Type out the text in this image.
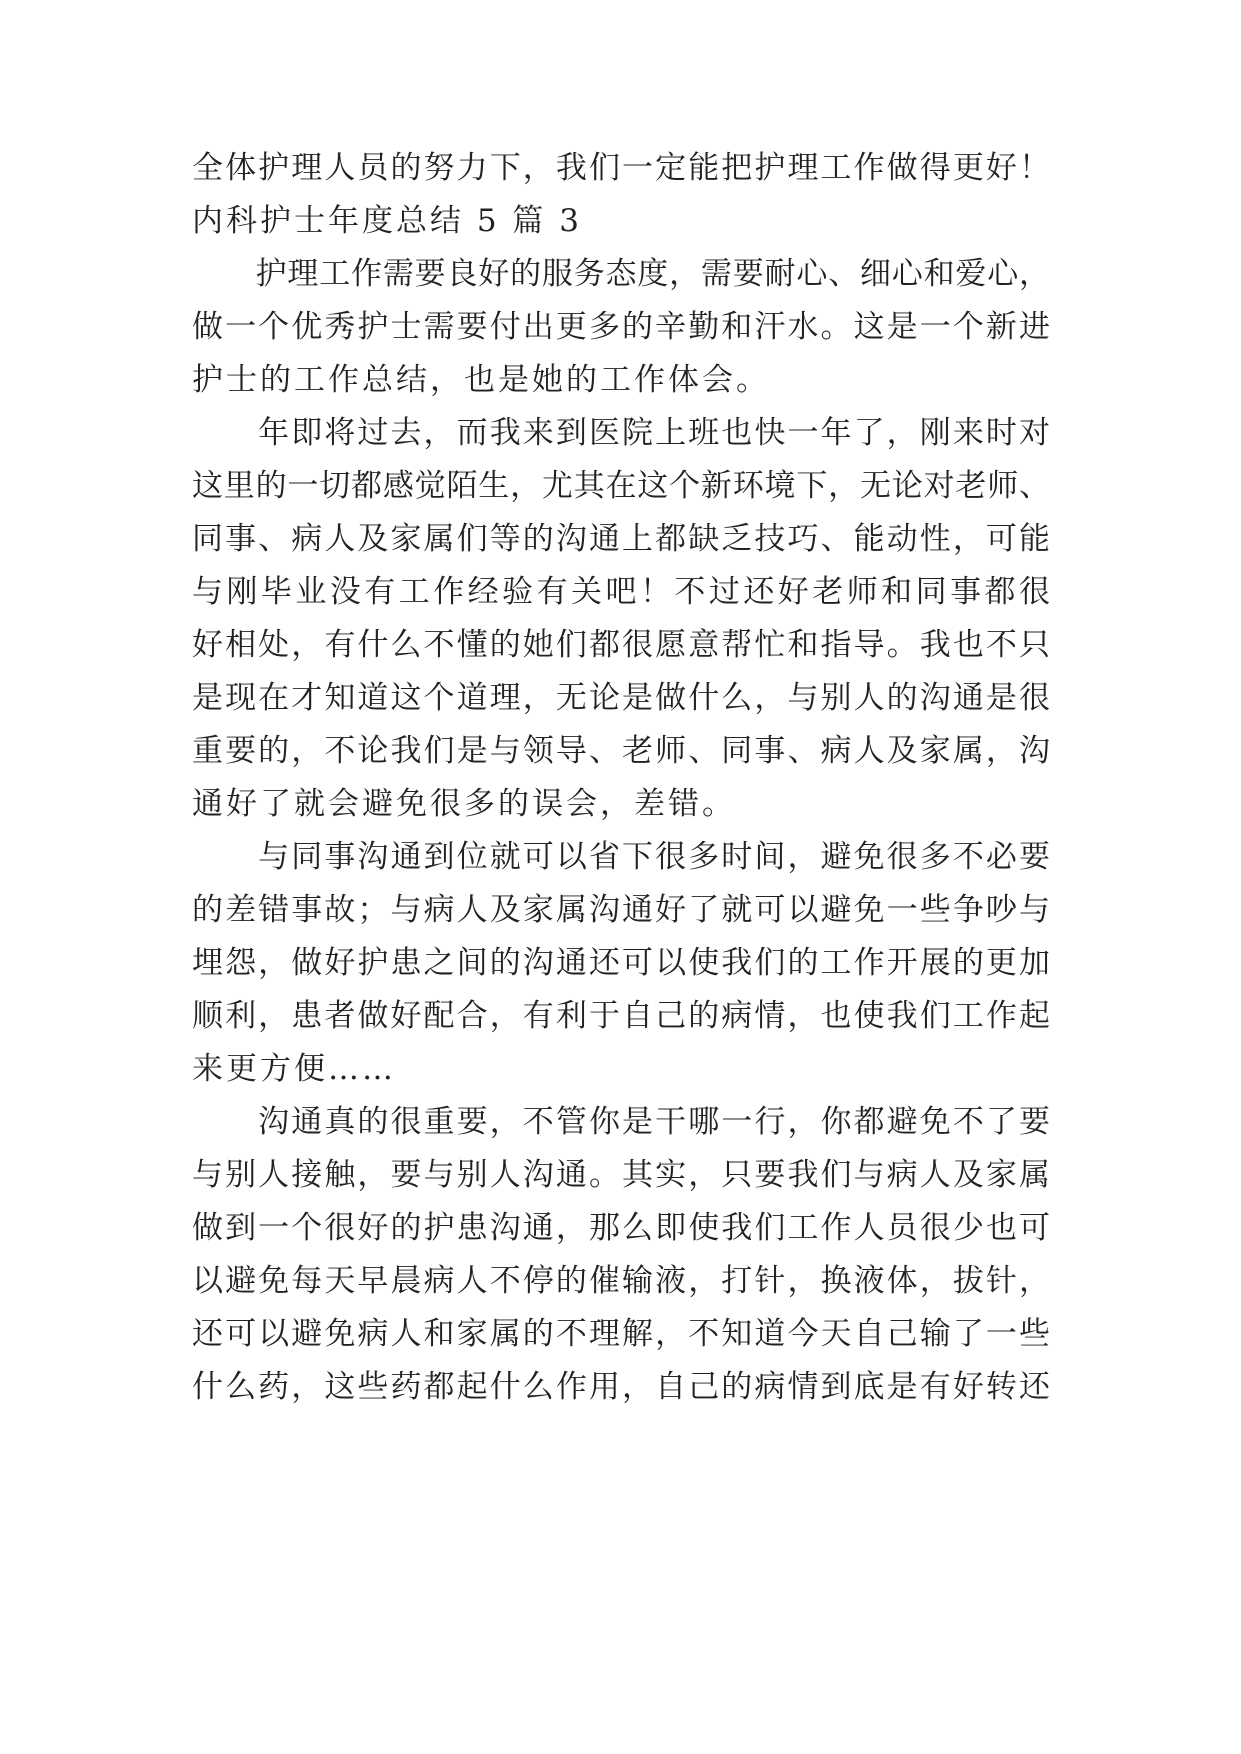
全体护理人员的努力下，我们一定能把护理工作做得更好！
内科护士年度总结 5 篇 3
　　护理工作需要良好的服务态度，需要耐心、细心和爱心，
做一个优秀护士需要付出更多的辛勤和汗水。这是一个新进
护士的工作总结，也是她的工作体会。
　　年即将过去，而我来到医院上班也快一年了，刚来时对
这里的一切都感觉陌生，尤其在这个新环境下，无论对老师、
同事、病人及家属们等的沟通上都缺乏技巧、能动性，可能
与刚毕业没有工作经验有关吧！不过还好老师和同事都很
好相处，有什么不懂的她们都很愿意帮忙和指导。我也不只
是现在才知道这个道理，无论是做什么，与别人的沟通是很
重要的，不论我们是与领导、老师、同事、病人及家属，沟
通好了就会避免很多的误会，差错。
　　与同事沟通到位就可以省下很多时间，避免很多不必要
的差错事故；与病人及家属沟通好了就可以避免一些争吵与
埋怨，做好护患之间的沟通还可以使我们的工作开展的更加
顺利，患者做好配合，有利于自己的病情，也使我们工作起
来更方便……
　　沟通真的很重要，不管你是干哪一行，你都避免不了要
与别人接触，要与别人沟通。其实，只要我们与病人及家属
做到一个很好的护患沟通，那么即使我们工作人员很少也可
以避免每天早晨病人不停的催输液，打针，换液体，拔针，
还可以避免病人和家属的不理解，不知道今天自己输了一些
什么药，这些药都起什么作用，自己的病情到底是有好转还
